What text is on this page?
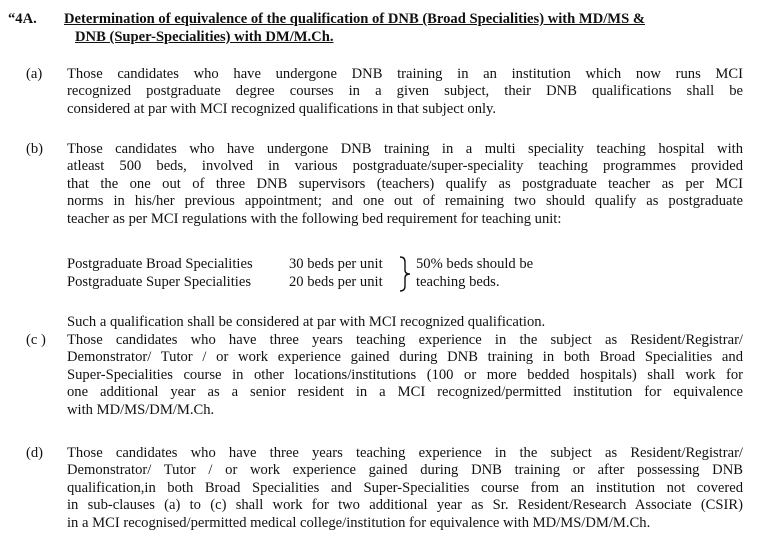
“4A. Determination of equivalence of the qualification of DNB (Broad Specialities) with MD/MS &
DNB (Super-Specialities) with DM/M.Ch.
(a) Those candidates who have undergone DNB training in an institution which now runs MCI
recognized postgraduate degree courses in a given subject, their DNB qualifications shall be
considered at par with MCI recognized qualifications in that subject only.
(b) Those candidates who have undergone DNB training in a multi speciality teaching hospital with
atleast 500 beds, involved in various postgraduate/super-speciality teaching programmes provided
that the one out of three DNB supervisors (teachers) qualify as postgraduate teacher as per MCI
norms in his/her previous appointment; and one out of remaining two should qualify as postgraduate
teacher as per MCI regulations with the following bed requirement for teaching unit:
Postgraduate Broad Specialities 30 beds per unit 50% beds should be
Postgraduate Super Specialities	20 beds per unit teaching beds.
Such a qualification shall be considered at par with MCI recognized qualification.
(c ) Those candidates who have three years teaching experience in the subject as Resident/Registrar/
Demonstrator/ Tutor / or work experience gained during DNB training in both Broad Specialities and
Super-Specialities course in other locations/institutions (100 or more bedded hospitals) shall work for
one additional year as a senior resident in a MCI recognized/permitted institution for equivalence
with MD/MS/DM/M.Ch.
(d) Those candidates who have three years teaching experience in the subject as Resident/Registrar/
Demonstrator/ Tutor / or work experience gained during DNB training or after possessing DNB
qualification,in both Broad Specialities and Super-Specialities course from an institution not covered
in sub-clauses (a) to (c) shall work for two additional year as Sr. Resident/Research Associate (CSIR)
in a MCI recognised/permitted medical college/institution for equivalence with MD/MS/DM/M.Ch.
